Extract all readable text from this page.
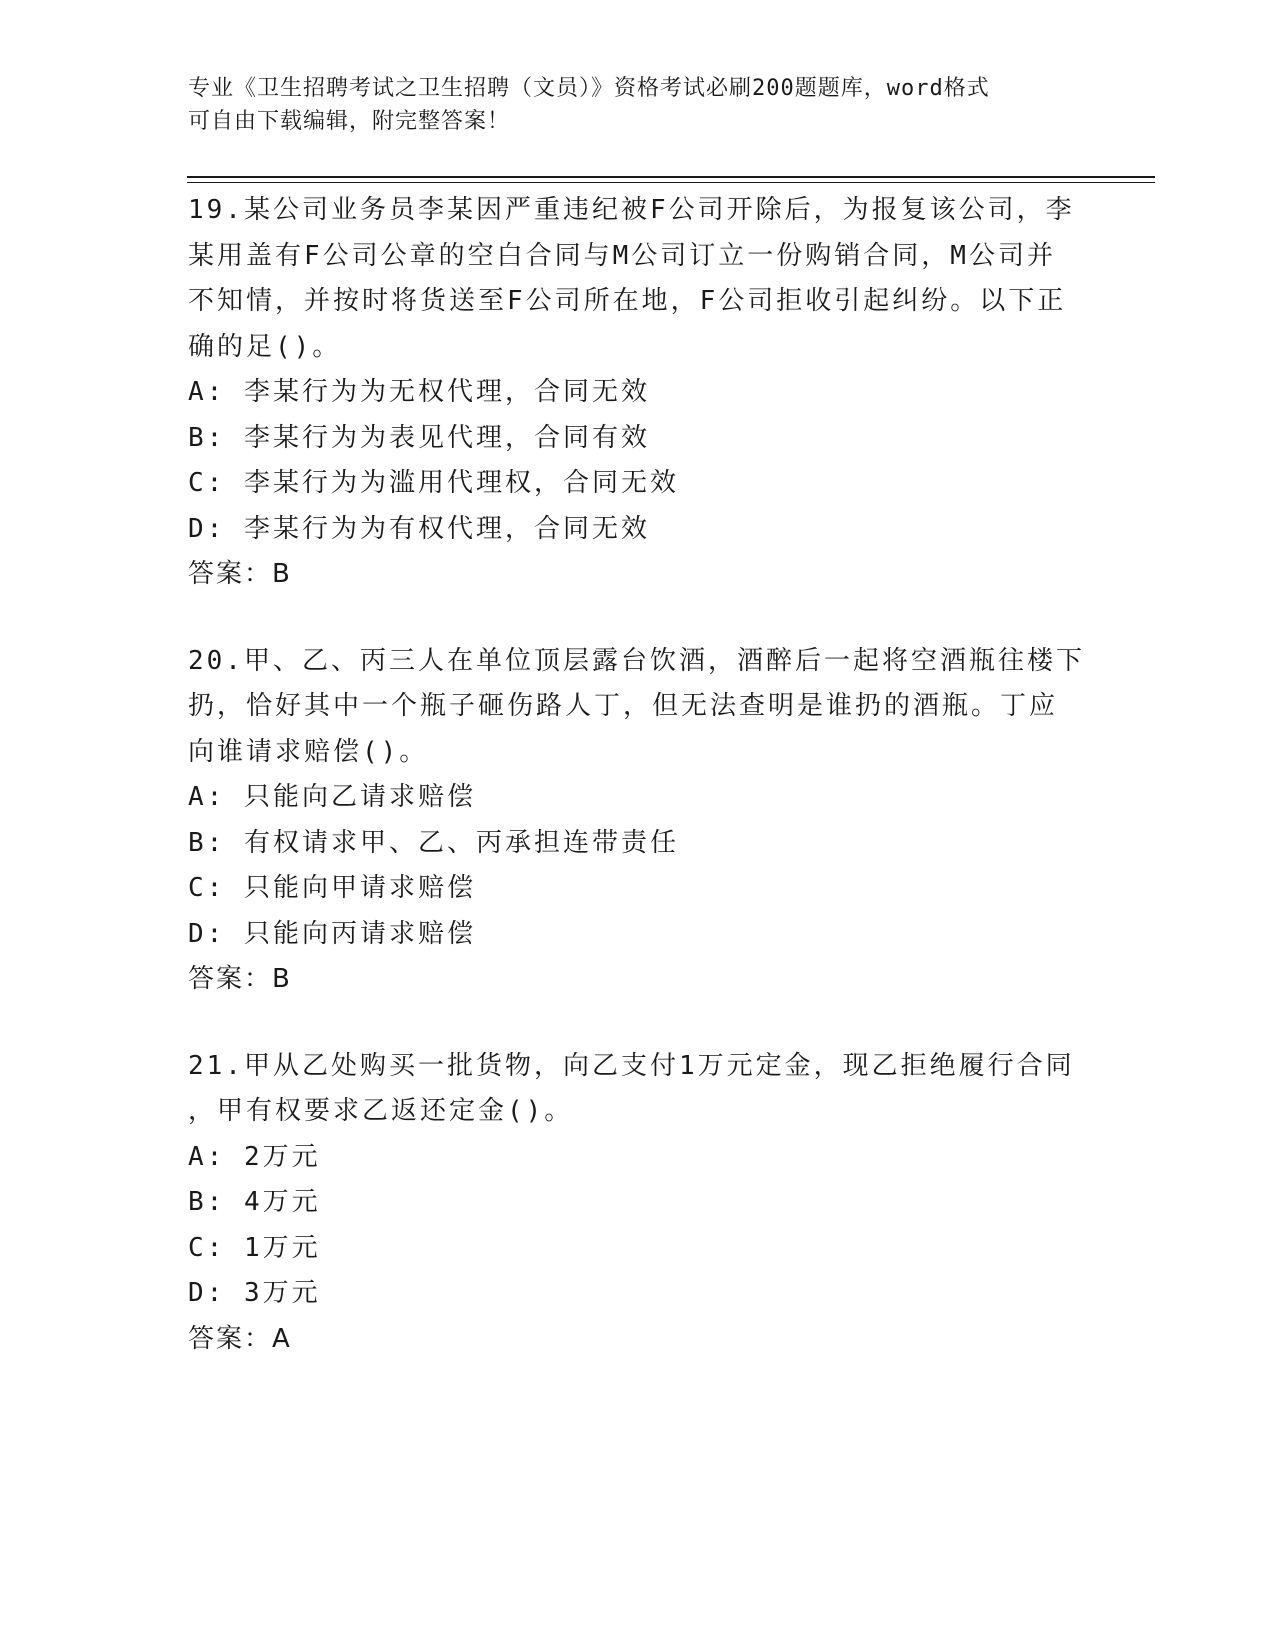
专业《卫生招聘考试之卫生招聘（文员）》资格考试必刷200题题库，word格式
可自由下载编辑，附完整答案！

19.某公司业务员李某因严重违纪被F公司开除后，为报复该公司，李

某用盖有F公司公章的空白合同与M公司订立一份购销合同，M公司并

不知情，并按时将货送至F公司所在地，F公司拒收引起纠纷。以下正

确的足()。

A: 李某行为为无权代理，合同无效

B: 李某行为为表见代理，合同有效

C: 李某行为为滥用代理权，合同无效

D: 李某行为为有权代理，合同无效

答案：B

20.甲、乙、丙三人在单位顶层露台饮酒，酒醉后一起将空酒瓶往楼下

扔，恰好其中一个瓶子砸伤路人丁，但无法查明是谁扔的酒瓶。丁应

向谁请求赔偿()。

A: 只能向乙请求赔偿

B: 有权请求甲、乙、丙承担连带责任

C: 只能向甲请求赔偿

D: 只能向丙请求赔偿

答案：B

21.甲从乙处购买一批货物，向乙支付1万元定金，现乙拒绝履行合同

，甲有权要求乙返还定金()。

A: 2万元

B: 4万元

C: 1万元

D: 3万元

答案：A
